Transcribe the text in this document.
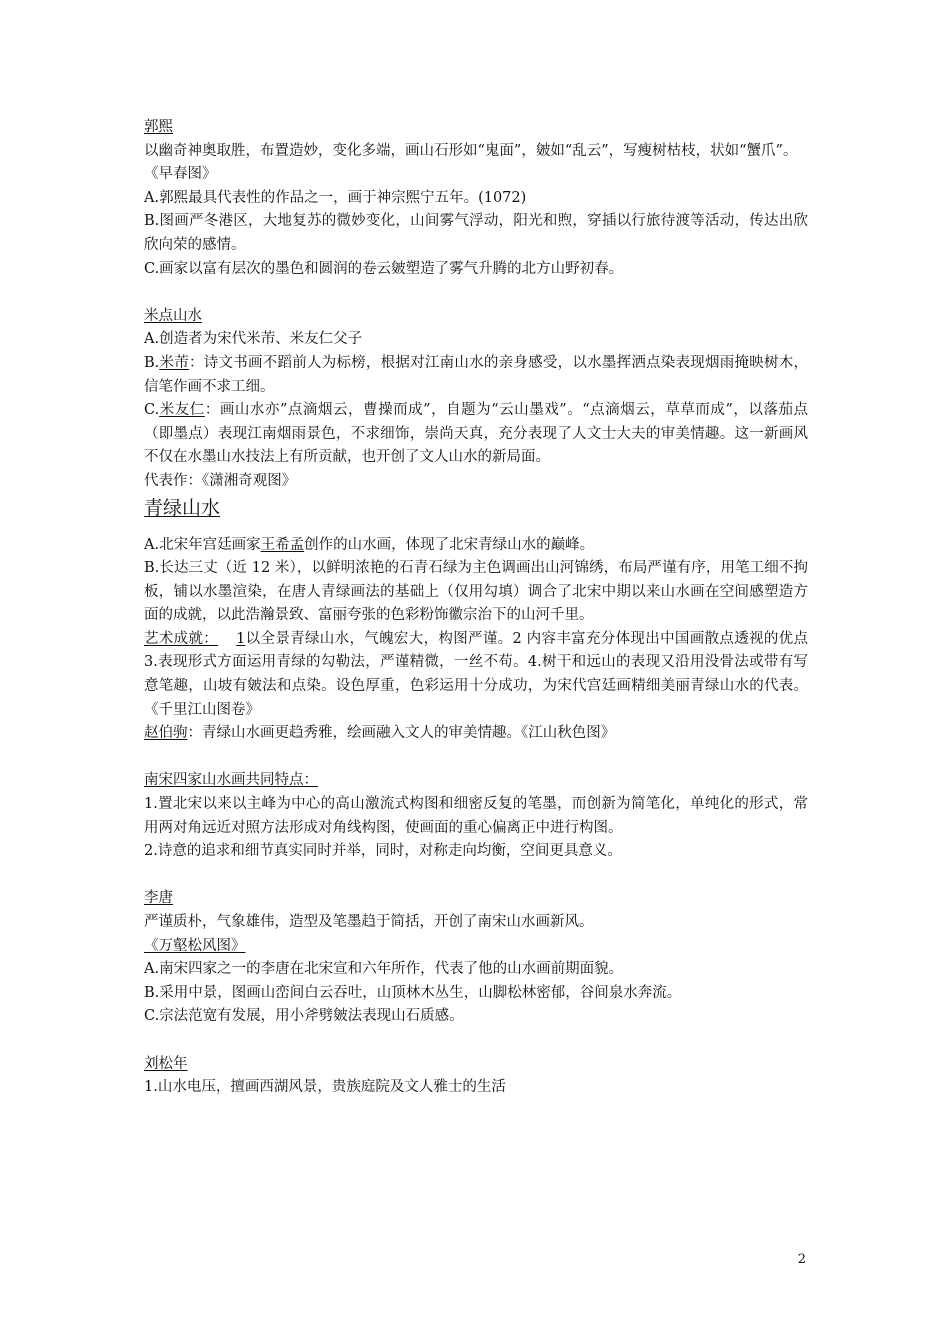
郭熙

以幽奇神奥取胜，布置造妙，变化多端，画山石形如“鬼面”，皴如“乱云”，写瘦树枯枝，状如“蟹爪”。

《早春图》

A.郭熙最具代表性的作品之一，画于神宗熙宁五年。(1072)

B.图画严冬港区，大地复苏的微妙变化，山间雾气浮动，阳光和煦，穿插以行旅待渡等活动，传达出欣欣向荣的感情。

C.画家以富有层次的墨色和圆润的卷云皴塑造了雾气升腾的北方山野初春。

米点山水

A.创造者为宋代米芾、米友仁父子

B.米芾：诗文书画不蹈前人为标榜，根据对江南山水的亲身感受，以水墨挥洒点染表现烟雨掩映树木，信笔作画不求工细。

C.米友仁：画山水亦”点滴烟云，曹操而成”，自题为“云山墨戏”。“点滴烟云，草草而成”，以落茄点（即墨点）表现江南烟雨景色，不求细饰，崇尚天真，充分表现了人文士大夫的审美情趣。这一新画风不仅在水墨山水技法上有所贡献，也开创了文人山水的新局面。

代表作：《潇湘奇观图》

青绿山水

A.北宋年宫廷画家王希孟创作的山水画，体现了北宋青绿山水的巅峰。

B.长达三丈（近 12 米），以鲜明浓艳的石青石绿为主色调画出山河锦绣，布局严谨有序，用笔工细不拘板，铺以水墨渲染，在唐人青绿画法的基础上（仅用勾填）调合了北宋中期以来山水画在空间感塑造方面的成就，以此浩瀚景致、富丽夸张的色彩粉饰徽宗治下的山河千里。

艺术成就： 1以全景青绿山水，气魄宏大，构图严谨。2 内容丰富充分体现出中国画散点透视的优点 3.表现形式方面运用青绿的勾勒法，严谨精微，一丝不苟。4.树干和远山的表现又沿用没骨法或带有写意笔趣，山坡有皴法和点染。设色厚重，色彩运用十分成功，为宋代宫廷画精细美丽青绿山水的代表。《千里江山图卷》

赵伯驹：青绿山水画更趋秀雅，绘画融入文人的审美情趣。《江山秋色图》

南宋四家山水画共同特点：

1.置北宋以来以主峰为中心的高山激流式构图和细密反复的笔墨，而创新为简笔化，单纯化的形式，常用两对角远近对照方法形成对角线构图，使画面的重心偏离正中进行构图。

2.诗意的追求和细节真实同时并举，同时，对称走向均衡，空间更具意义。

李唐

严谨质朴，气象雄伟，造型及笔墨趋于简括，开创了南宋山水画新风。

《万壑松风图》

A.南宋四家之一的李唐在北宋宣和六年所作，代表了他的山水画前期面貌。

B.采用中景，图画山峦间白云吞吐，山顶林木丛生，山脚松林密郁，谷间泉水奔流。

C.宗法范宽有发展，用小斧劈皴法表现山石质感。

刘松年

1.山水电压，擅画西湖风景，贵族庭院及文人雅士的生活

2
